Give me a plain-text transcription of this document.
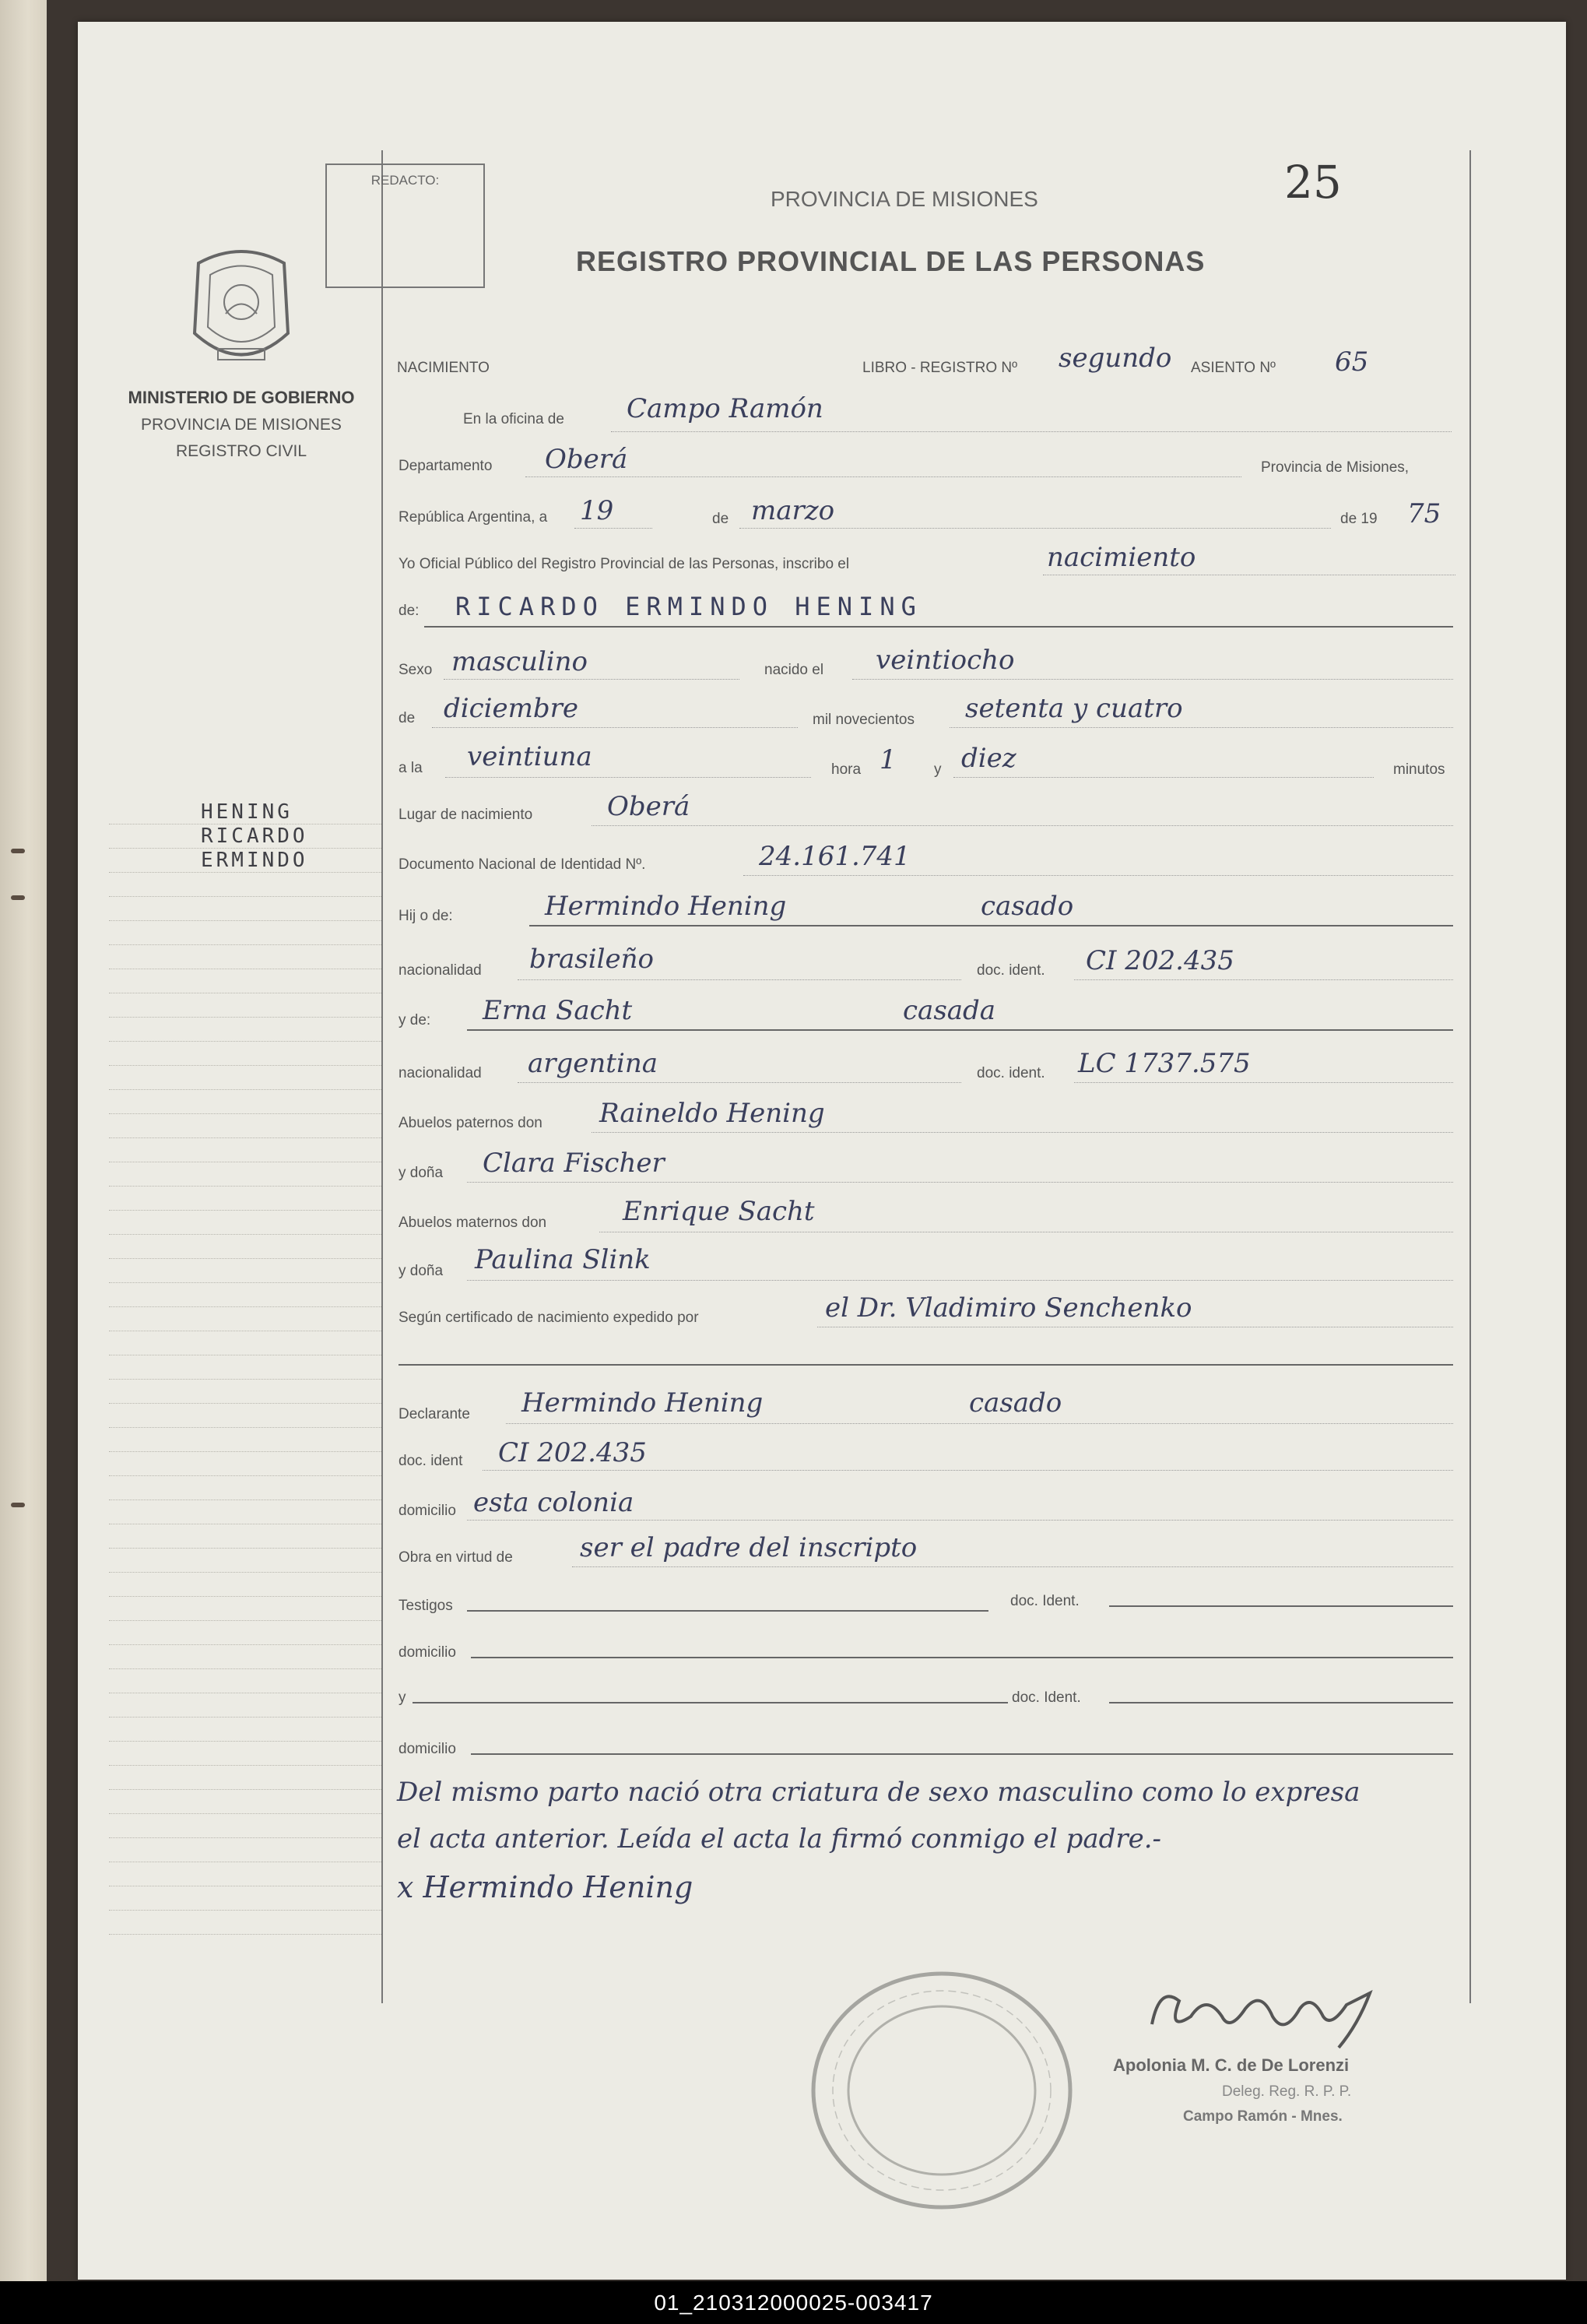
MINISTERIO DE GOBIERNO
PROVINCIA DE MISIONES
REGISTRO CIVIL
HENING
RICARDO
ERMINDO
REDACTO:	25
PROVINCIA DE MISIONES
REGISTRO PROVINCIAL DE LAS PERSONAS
NACIMIENTO	LIBRO - REGISTRO Nº segundo ASIENTO Nº 65
En la oficina de Campo Ramón
Departamento Oberá	Provincia de Misiones,
República Argentina, a 19	de marzo	de 19 75
Yo Oficial Público del Registro Provincial de las Personas, inscribo el	nacimiento
de: RICARDO ERMINDO HENING
Sexo masculino	nacido el veintiocho
de diciembre	mil novecientos setenta y cuatro
a la veintiuna	hora 1	y diez	minutos
Lugar de nacimiento	Oberá
Documento Nacional de Identidad Nº.	24.161.741
Hij o de:	Hermindo Hening	casado
nacionalidad brasileño	doc. ident. CI 202.435
y de: Erna Sacht	casada
nacionalidad argentina	doc. ident. LC 1737.575
Abuelos paternos don Raineldo Hening
y doña Clara Fischer
Abuelos maternos don	Enrique Sacht
y doña Paulina Slink
Según certificado de nacimiento expedido por	el Dr. Vladimiro Senchenko
Declarante Hermindo Hening	casado
doc. ident CI 202.435
domicilio esta colonia
Obra en virtud de	ser el padre del inscripto
Testigos	doc. Ident.
domicilio
y	doc. Ident.
domicilio
Del mismo parto nació otra criatura de sexo masculino como lo expresa
el acta anterior. Leída el acta la firmó conmigo el padre.-
x Hermindo Hening
Apolonia M. C. de De Lorenzi
Deleg. Reg. R. P. P.
Campo Ramón - Mnes.
01_210312000025-003417
